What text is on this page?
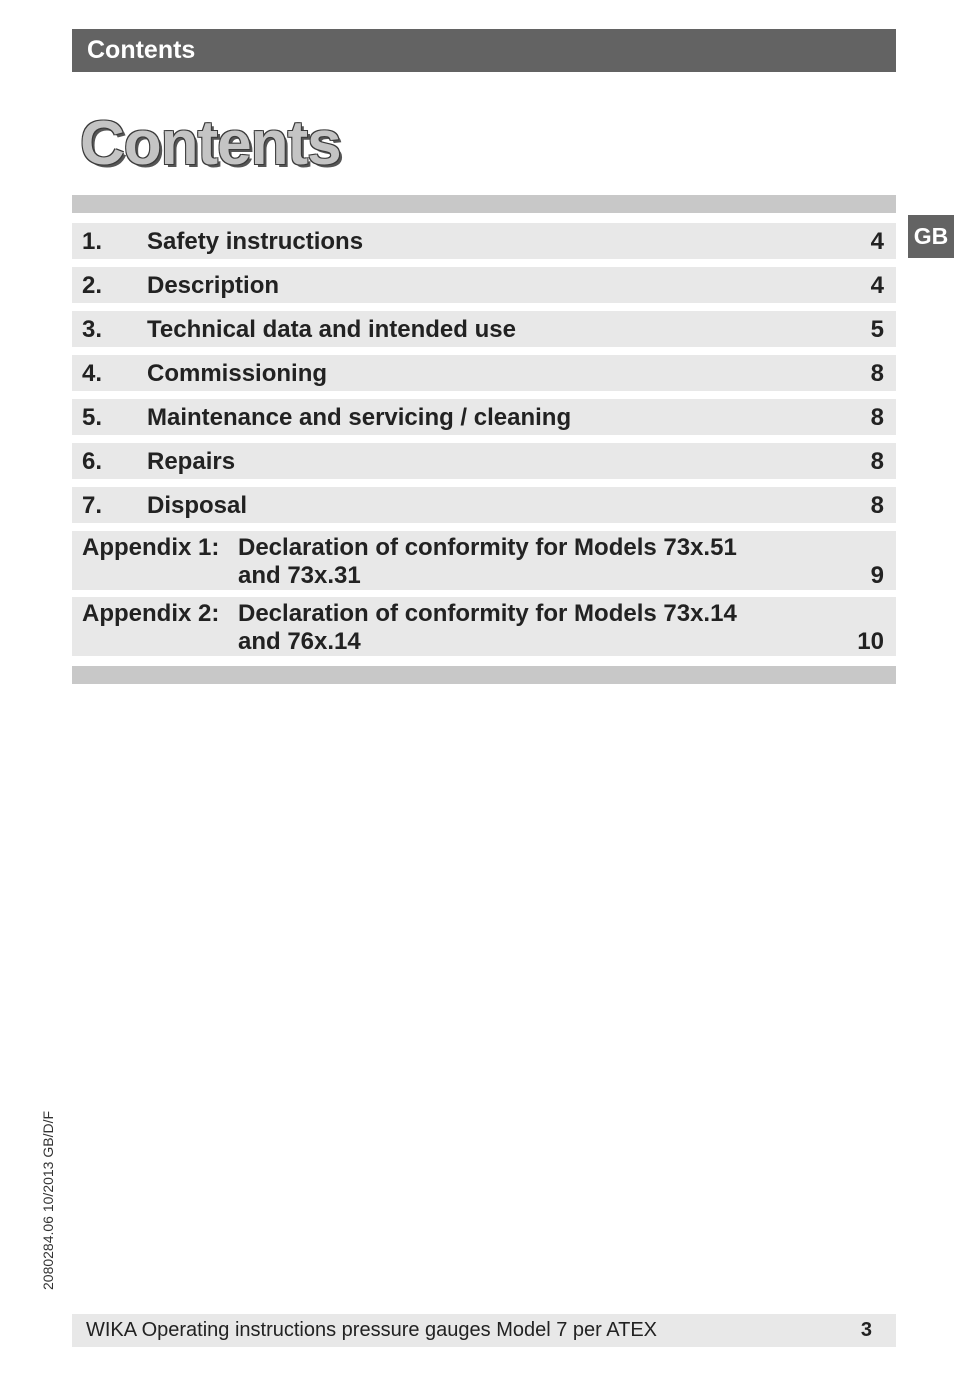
Contents
Contents
GB
1. Safety instructions	4
2. Description	4
3. Technical data and intended use	5
4. Commissioning	8
5. Maintenance and servicing / cleaning	8
6. Repairs	8
7. Disposal	8
Appendix 1: Declaration of conformity for Models 73x.51
and 73x.31	9
Appendix 2: Declaration of conformity for Models 73x.14
and 76x.14	10
2080284.06 10/2013 GB/D/F
WIKA Operating instructions pressure gauges Model 7 per ATEX	3
